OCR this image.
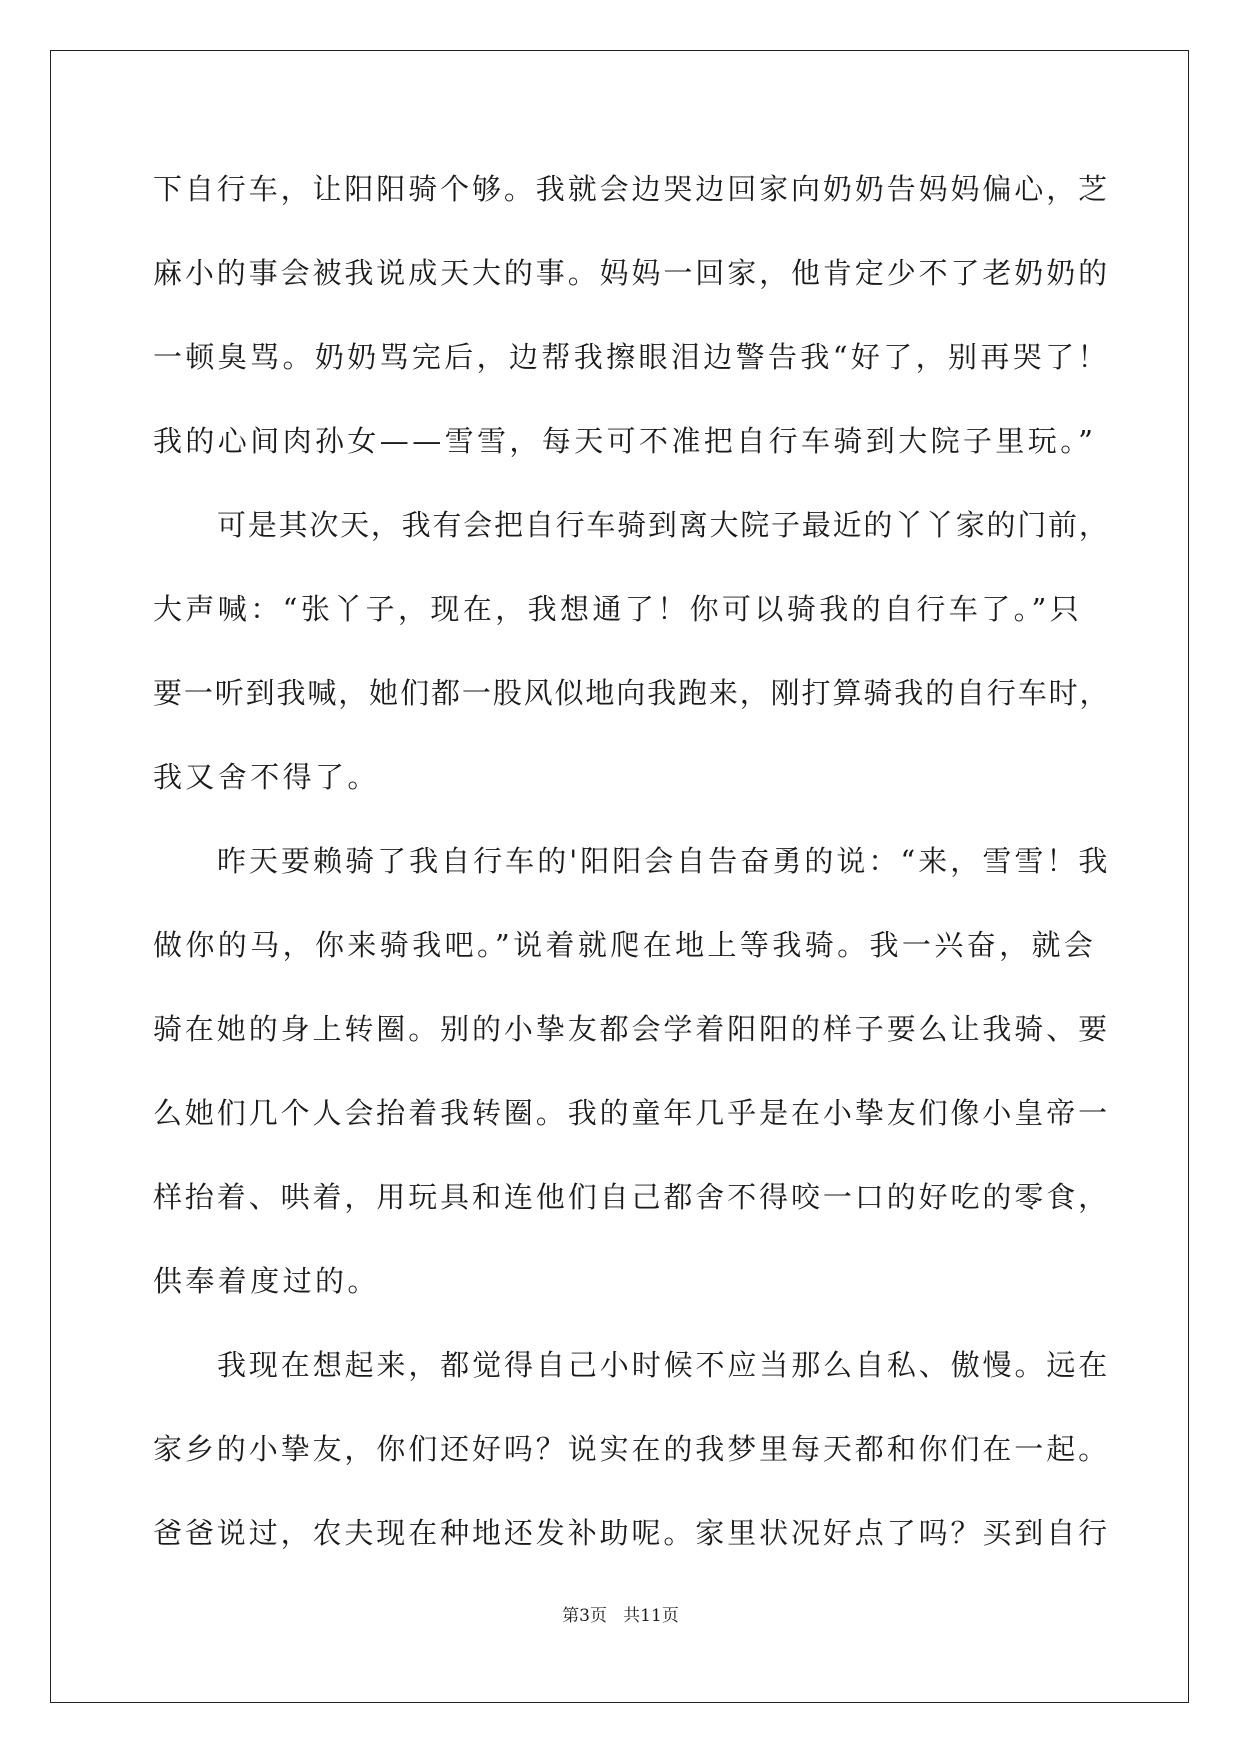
下自行车，让阳阳骑个够。我就会边哭边回家向奶奶告妈妈偏心，芝
麻小的事会被我说成天大的事。妈妈一回家，他肯定少不了老奶奶的
一顿臭骂。奶奶骂完后，边帮我擦眼泪边警告我“好了，别再哭了！
我的心间肉孙女——雪雪，每天可不准把自行车骑到大院子里玩。”
可是其次天，我有会把自行车骑到离大院子最近的丫丫家的门前，
大声喊：“张丫子，现在，我想通了！你可以骑我的自行车了。”只
要一听到我喊，她们都一股风似地向我跑来，刚打算骑我的自行车时，
我又舍不得了。
昨天要赖骑了我自行车的'阳阳会自告奋勇的说：“来，雪雪！我
做你的马，你来骑我吧。”说着就爬在地上等我骑。我一兴奋，就会
骑在她的身上转圈。别的小挚友都会学着阳阳的样子要么让我骑、要
么她们几个人会抬着我转圈。我的童年几乎是在小挚友们像小皇帝一
样抬着、哄着，用玩具和连他们自己都舍不得咬一口的好吃的零食，
供奉着度过的。
我现在想起来，都觉得自己小时候不应当那么自私、傲慢。远在
家乡的小挚友，你们还好吗？说实在的我梦里每天都和你们在一起。
爸爸说过，农夫现在种地还发补助呢。家里状况好点了吗？买到自行
第3页   共11页
